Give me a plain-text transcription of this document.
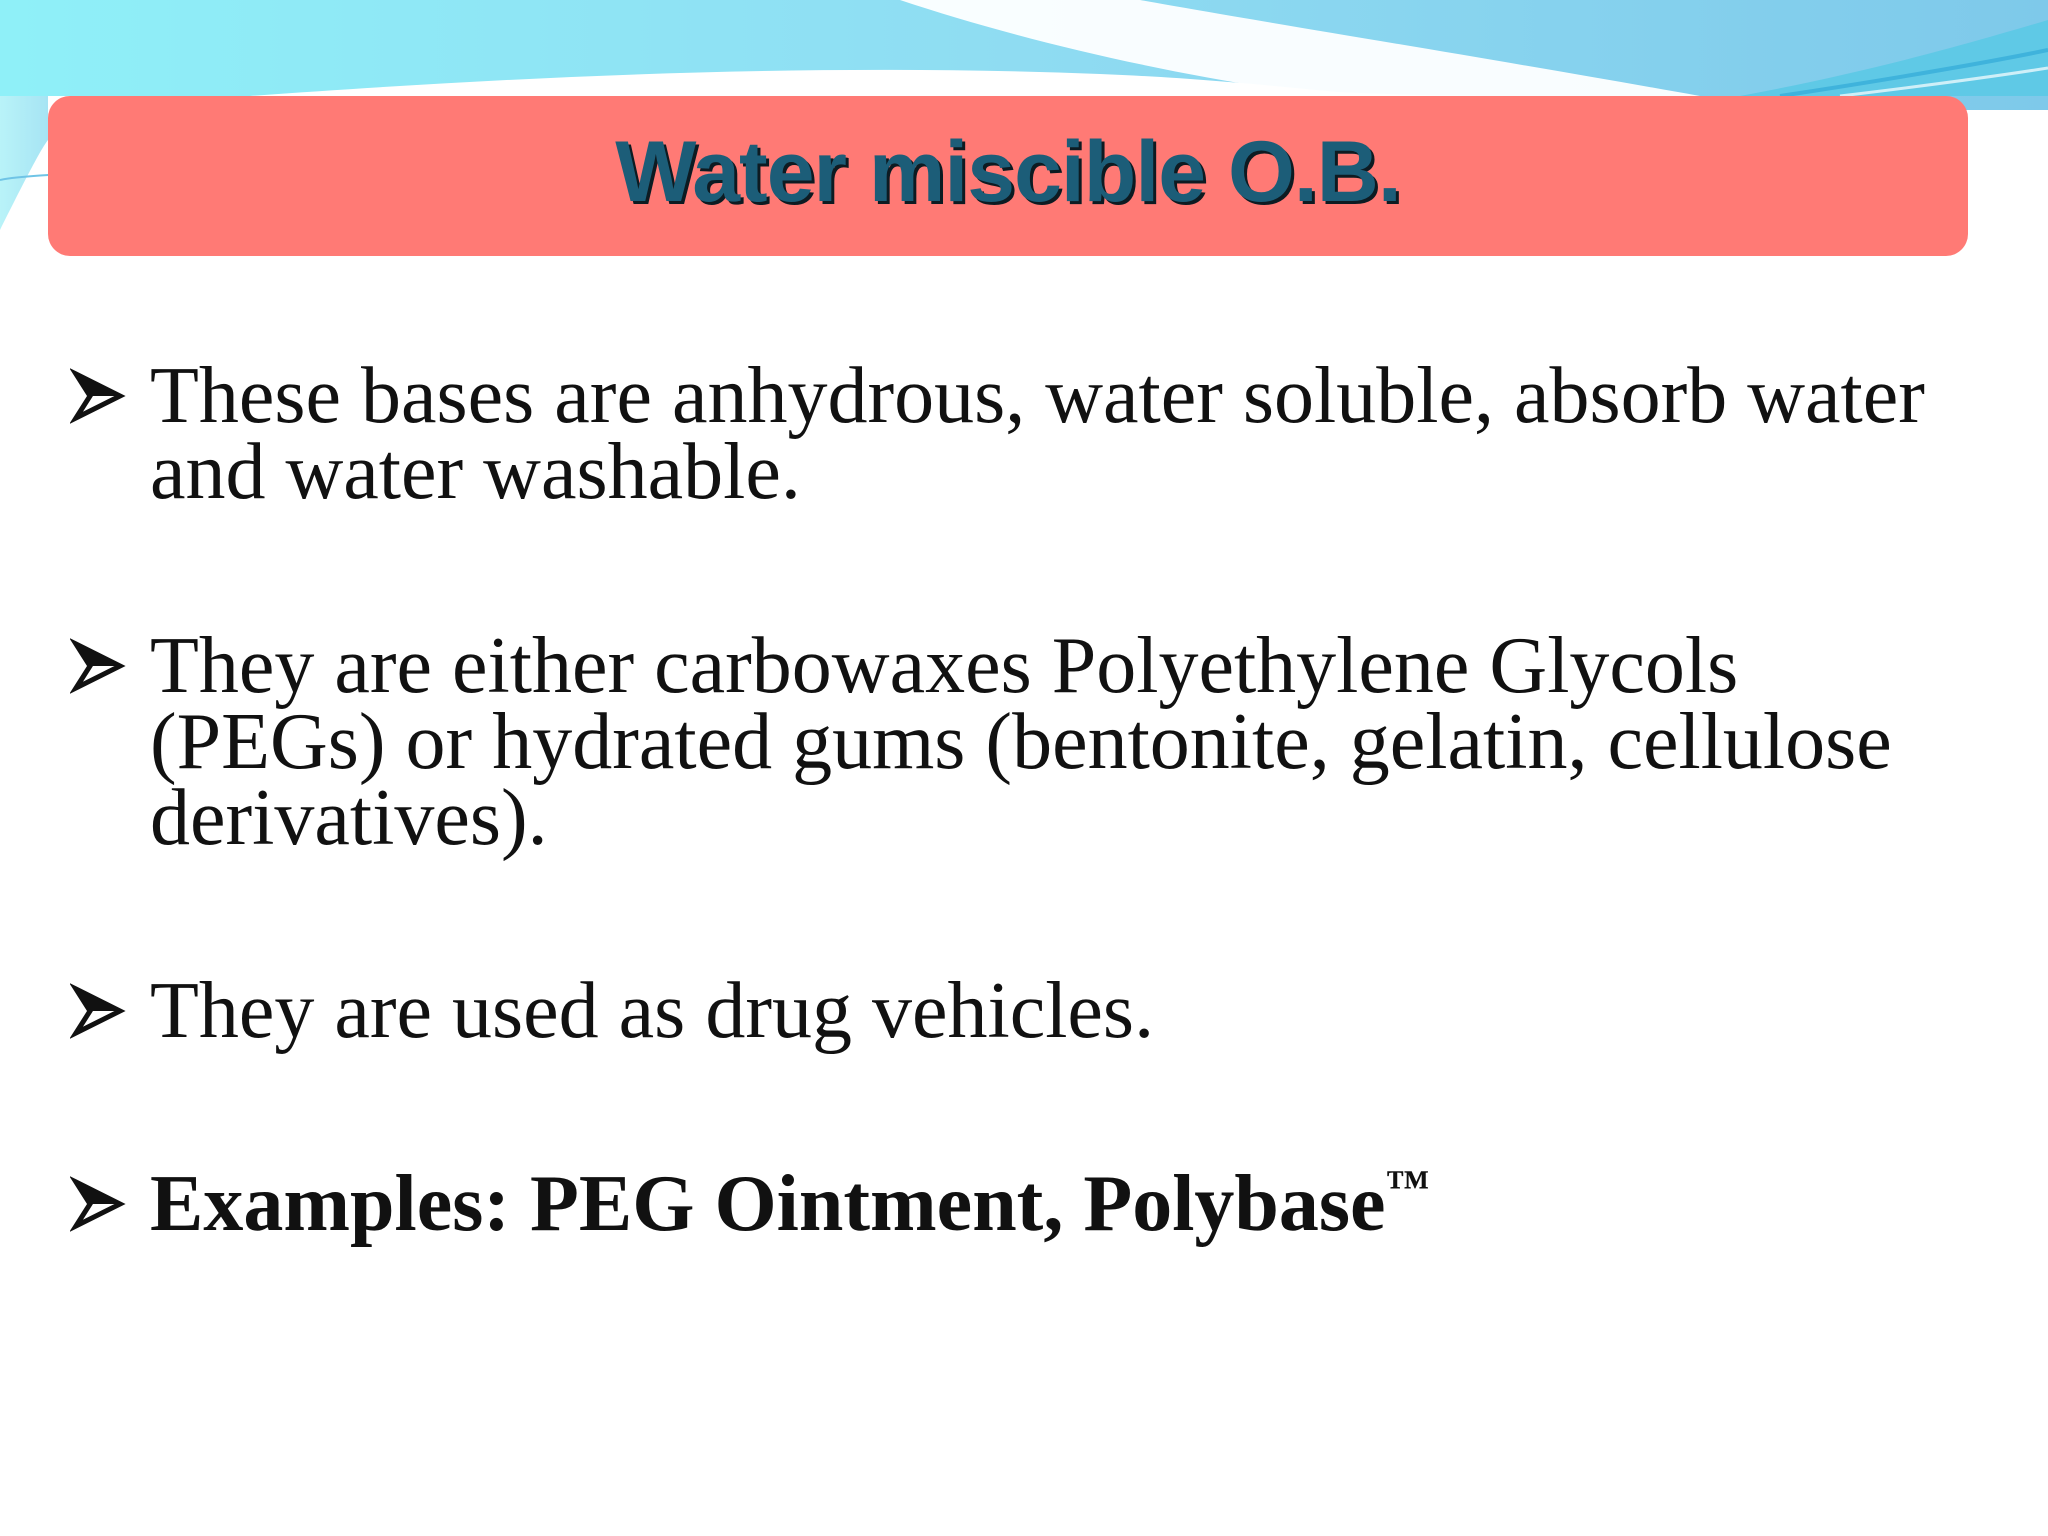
Water miscible O.B.
These bases are anhydrous, water soluble, absorb water and water washable.
They are either carbowaxes Polyethylene Glycols (PEGs) or hydrated gums (bentonite, gelatin, cellulose derivatives).
They are used as drug vehicles.
Examples: PEG Ointment, Polybase™
